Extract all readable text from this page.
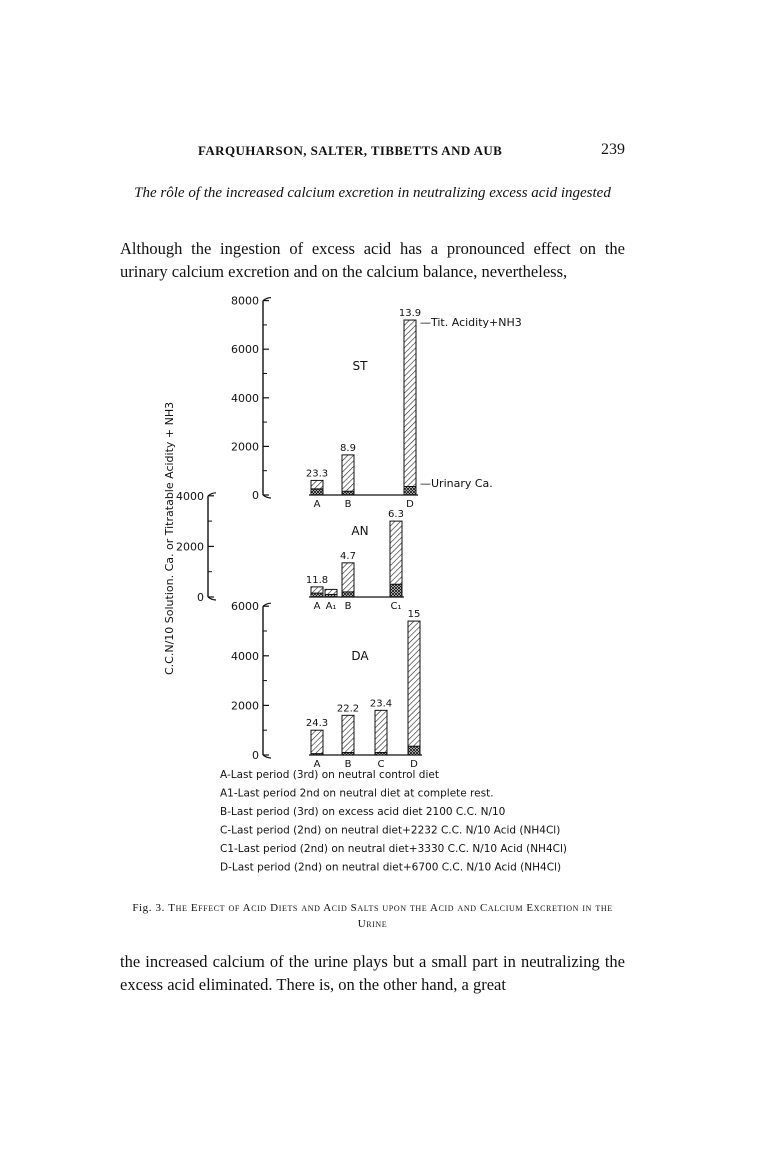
FARQUHARSON, SALTER, TIBBETTS AND AUB	239
The rôle of the increased calcium excretion in neutralizing excess acid ingested
Although the ingestion of excess acid has a pronounced effect on the urinary calcium excretion and on the calcium balance, nevertheless,
C.C.N/10 Solution. Ca. or Titratable Acidity + NH3
8000
6000
4000
2000
0
ST
23.3
A
8.9
B
13.9
D
—Tit. Acidity+NH3
—Urinary Ca.
4000
2000
0
AN
11.8
A A₁
4.7
B
6.3
C₁
6000
4000
2000
0
DA
24.3
A
22.2
B
23.4
C
15
D
A-Last period (3rd) on neutral control diet
A1-Last period 2nd on neutral diet at complete rest.
B-Last period (3rd) on excess acid diet 2100 C.C. N/10
C-Last period (2nd) on neutral diet+2232 C.C. N/10 Acid (NH4Cl)
C1-Last period (2nd) on neutral diet+3330 C.C. N/10 Acid (NH4Cl)
D-Last period (2nd) on neutral diet+6700 C.C. N/10 Acid (NH4Cl)
Fig. 3. The Effect of Acid Diets and Acid Salts upon the Acid and Calcium Excretion in the Urine
the increased calcium of the urine plays but a small part in neutralizing the excess acid eliminated. There is, on the other hand, a great
